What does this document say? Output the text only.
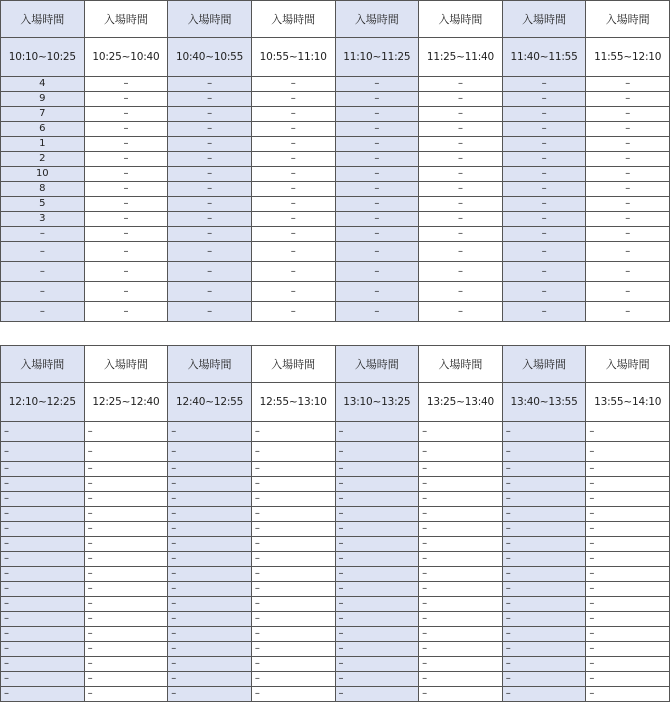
入場時間	入場時間	入場時間	入場時間	入場時間	入場時間	入場時間	入場時間
10:10~10:25	10:25~10:40	10:40~10:55	10:55~11:10	11:10~11:25	11:25~11:40	11:40~11:55	11:55~12:10
4	–	–	–	–	–	–	–
9	–	–	–	–	–	–	–
7	–	–	–	–	–	–	–
6	–	–	–	–	–	–	–
1	–	–	–	–	–	–	–
2	–	–	–	–	–	–	–
10	–	–	–	–	–	–	–
8	–	–	–	–	–	–	–
5	–	–	–	–	–	–	–
3	–	–	–	–	–	–	–
–	–	–	–	–	–	–	–
–	–	–	–	–	–	–	–
–	–	–	–	–	–	–	–
–	–	–	–	–	–	–	–
–	–	–	–	–	–	–	–
入場時間	入場時間	入場時間	入場時間	入場時間	入場時間	入場時間	入場時間
12:10~12:25	12:25~12:40	12:40~12:55	12:55~13:10	13:10~13:25	13:25~13:40	13:40~13:55	13:55~14:10
–	–	–	–	–	–	–	–
–	–	–	–	–	–	–	–
–	–	–	–	–	–	–	–
–	–	–	–	–	–	–	–
–	–	–	–	–	–	–	–
–	–	–	–	–	–	–	–
–	–	–	–	–	–	–	–
–	–	–	–	–	–	–	–
–	–	–	–	–	–	–	–
–	–	–	–	–	–	–	–
–	–	–	–	–	–	–	–
–	–	–	–	–	–	–	–
–	–	–	–	–	–	–	–
–	–	–	–	–	–	–	–
–	–	–	–	–	–	–	–
–	–	–	–	–	–	–	–
–	–	–	–	–	–	–	–
–	–	–	–	–	–	–	–
